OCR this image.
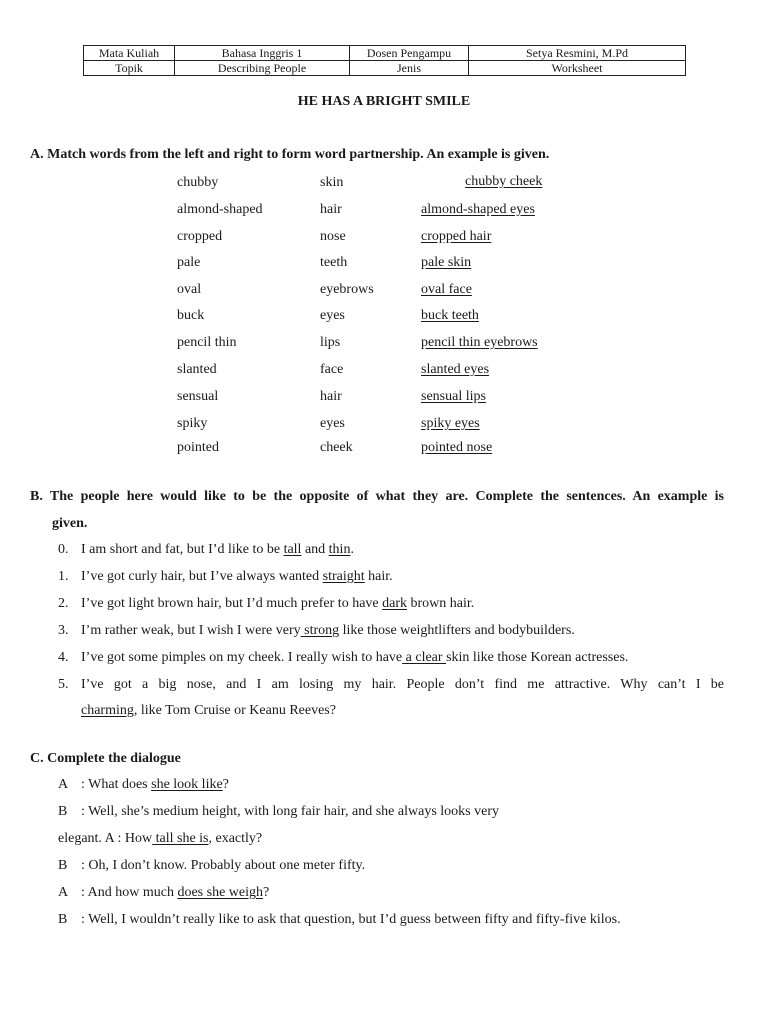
Mata Kuliah	Bahasa Inggris 1	Dosen Pengampu	Setya Resmini, M.Pd
Topik	Describing People	Jenis	Worksheet
HE HAS A BRIGHT SMILE
A. Match words from the left and right to form word partnership. An example is given.
chubby	skin	chubby cheek
almond-shaped	hair	almond-shaped eyes
cropped	nose	cropped hair
pale	teeth	pale skin
oval	eyebrows	oval face
buck	eyes	buck teeth
pencil thin	lips	pencil thin eyebrows
slanted	face	slanted eyes
sensual	hair	sensual lips
spiky	eyes	spiky eyes
pointed	cheek	pointed nose
B. The people here would like to be the opposite of what they are. Complete the sentences. An example is
given.
0. I am short and fat, but I’d like to be tall and thin.
1. I’ve got curly hair, but I’ve always wanted straight hair.
2. I’ve got light brown hair, but I’d much prefer to have dark brown hair.
3. I’m rather weak, but I wish I were very strong like those weightlifters and bodybuilders.
4. I’ve got some pimples on my cheek. I really wish to have a clear skin like those Korean actresses.
5. I’ve got a big nose, and I am losing my hair. People don’t find me attractive. Why can’t I be
charming, like Tom Cruise or Keanu Reeves?
C. Complete the dialogue
A : What does she look like?
B : Well, she’s medium height, with long fair hair, and she always looks very
elegant. A : How tall she is, exactly?
B : Oh, I don’t know. Probably about one meter fifty.
A : And how much does she weigh?
B : Well, I wouldn’t really like to ask that question, but I’d guess between fifty and fifty-five kilos.
